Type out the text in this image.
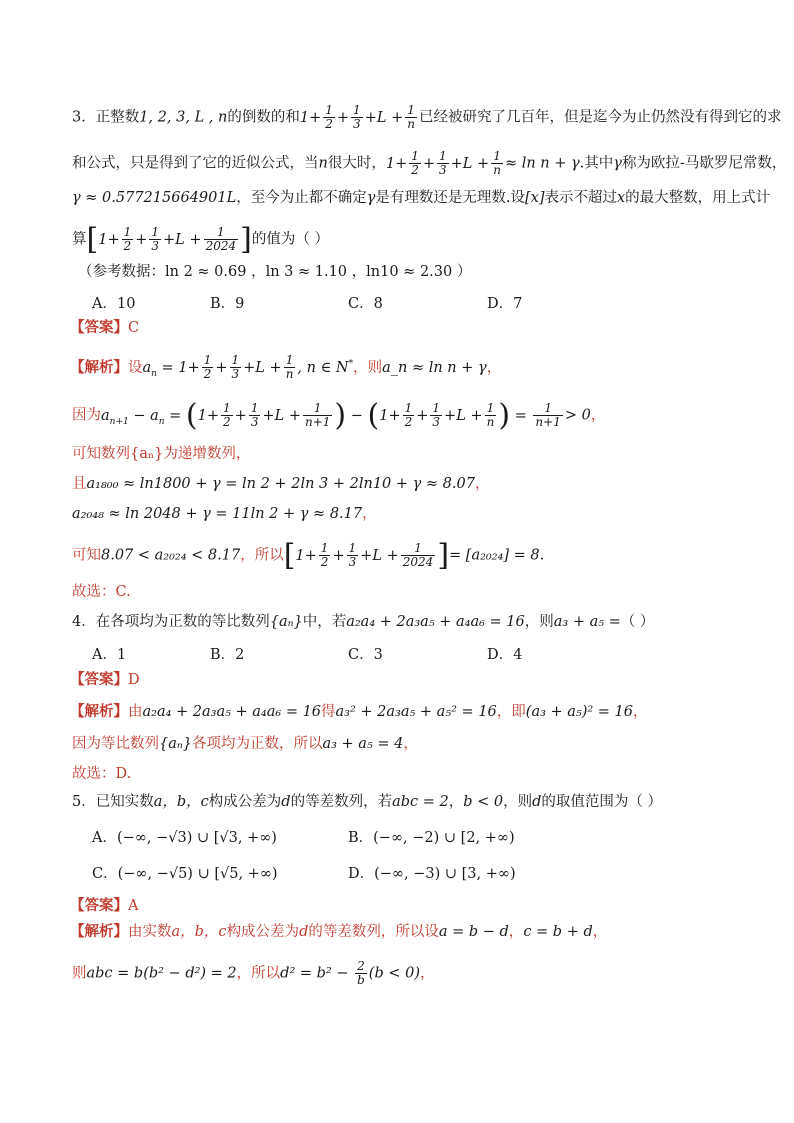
3．正整数1, 2, 3, L , n的倒数的和$1+ \frac{1}{2} + \frac{1}{3} +L + \frac{1}{n}$ 已经被研究了几百年，但是迄今为止仍然没有得到它的求
和公式，只是得到了它的近似公式，当n很大时，$1+ \frac{1}{2} + \frac{1}{3} +L + \frac{1}{n} \approx \ln n + \gamma$.其中γ称为欧拉-马歇罗尼常数，
γ ≈ 0.577215664901L，至今为止都不确定γ是有理数还是无理数.设[x]表示不超过x的最大整数，用上式计
算[$1+ \frac{1}{2} + \frac{1}{3} +L + \frac{1}{2024}$ ]的值为（ ）
（参考数据：ln 2 ≈ 0.69 ，ln 3 ≈ 1.10 ，ln10 ≈ 2.30 ）
A．10	B．9	C．8	D．7
【答案】C
【解析】设$a_n = 1+ \frac{1}{2} + \frac{1}{3} +L + \frac{1}{n}$ , n ∈ N*，则a_n ≈ ln n + γ，
因为$a_{n+1} - a_n = (1+ \frac{1}{2} + \frac{1}{3} +L + \frac{1}{n+1}$ ) − ($1+ \frac{1}{2} + \frac{1}{3} +L + \frac{1}{n}$ ) = $\frac{1}{n+1} > 0$，
可知数列{aₙ}为递增数列，
且a₁₈₀₀ ≈ ln1800 + γ = ln 2 + 2ln 3 + 2ln10 + γ ≈ 8.07，
a₂₀₄₈ ≈ ln 2048 + γ = 11ln 2 + γ ≈ 8.17，
可知8.07 < a₂₀₂₄ < 8.17，所以[$1+ \frac{1}{2} + \frac{1}{3} +L + \frac{1}{2024}$ ]= [a₂₀₂₄] = 8.
故选：C.
4．在各项均为正数的等比数列{aₙ}中，若a₂a₄ + 2a₃a₅ + a₄a₆ = 16，则a₃ + a₅ =（ ）
A．1	B．2	C．3	D．4
【答案】D
【解析】由a₂a₄ + 2a₃a₅ + a₄a₆ = 16得a₃² + 2a₃a₅ + a₅² = 16，即(a₃ + a₅)² = 16，
因为等比数列{aₙ}各项均为正数，所以a₃ + a₅ = 4，
故选：D.
5．已知实数a，b，c构成公差为d的等差数列，若abc = 2，b < 0，则d的取值范围为（ ）
A．(−∞, −√3) ∪ [√3, +∞)	B．(−∞, −2) ∪ [2, +∞)
C．(−∞, −√5) ∪ [√5, +∞)	D．(−∞, −3) ∪ [3, +∞)
【答案】A
【解析】由实数a，b，c构成公差为d的等差数列，所以设a = b − d，c = b + d，
则abc = b(b² − d²) = 2，所以$d^2 = b^2 - \frac{2}{b} (b < 0)$，
